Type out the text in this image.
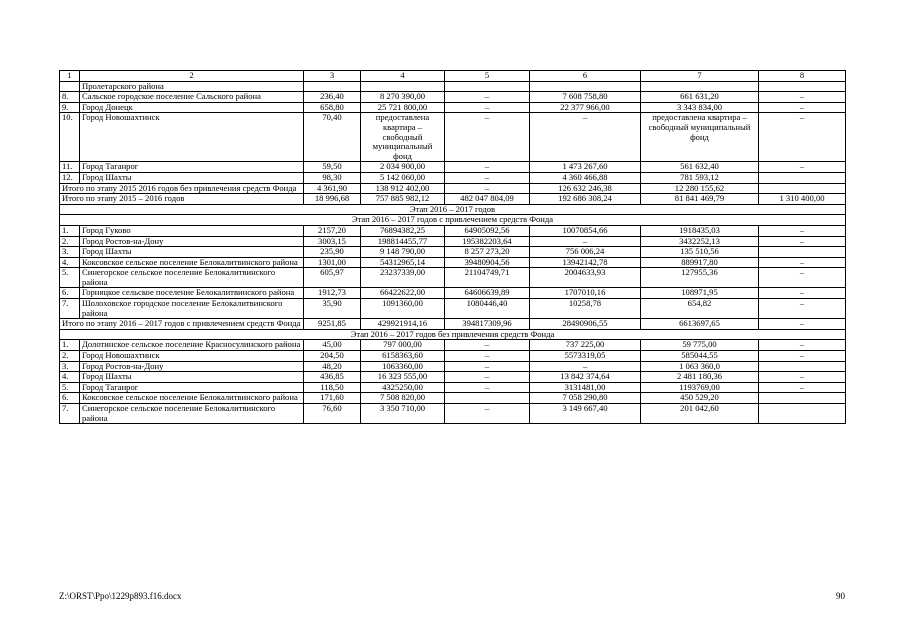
1	2	3	4	5	6	7	8
	Пролетарского района						
8.	Сальское городское поселение Сальского района	236,40	8 270 390,00	–	7 608 758,80	661 631,20	–
9.	Город Донецк	658,80	25 721 800,00	–	22 377 966,00	3 343 834,00	–
10.	Город Новошахтинск	70,40	предоставлена квартира – свободный муниципальный фонд	–	–	предоставлена квартира – свободный муниципальный фонд	–
11.	Город Таганрог	59,50	2 034 900,00	–	1 473 267,60	561 632,40	–
12.	Город Шахты	98,30	5 142 060,00	–	4 360 466,88	781 593,12	
Итого по этапу 2015 2016 годов без привлечения средств Фонда		4 361,90	138 912 402,00	–	126 632 246,38	12 280 155,62	
Итого по этапу 2015 – 2016 годов		18 996,68	757 885 982,12	482 047 804,09	192 686 308,24	81 841 469,79	1 310 400,00
Этап 2016 – 2017 годов							
Этап 2016 – 2017 годов с привлечением средств Фонда							
1.	Город Гуково	2157,20	76894382,25	64905092,56	10070854,66	1918435,03	–
2.	Город Ростов-на-Дону	3003,15	198814455,77	195382203,64	–	3432252,13	–
3.	Город Шахты	235,90	9 148 790,00	8 257 273,20	756 006,24	135 510,56	
4.	Коксовское сельское поселение Белокалитвинского района	1301,00	54312965,14	39480904,56	13942142,78	889917,80	–
5.	Синегорское сельское поселение Белокалитвинского района	605,97	23237339,00	21104749,71	2004633,93	127955,36	–
6.	Горняцкое сельское поселение Белокалитвинского района	1912,73	66422622,00	64606639,89	1707010,16	108971,95	–
7.	Шолоховское городское поселение Белокалитвинского района	35,90	1091360,00	1080446,40	10258,78	654,82	–
Итого по этапу 2016 – 2017 годов с привлечением средств Фонда		9251,85	429921914,16	394817309,96	28490906,55	6613697,65	–
Этап 2016 – 2017 годов без привлечения средств Фонда							
1.	Долотинское сельское поселение Красносулинского района	45,00	797 000,00	–	737 225,00	59 775,00	–
2.	Город Новошахтинск	204,50	6158363,60	–	5573319,05	585044,55	–
3.	Город Ростов-на-Дону	48,20	1063360,00	–	–	1 063 360,0	
4.	Город Шахты	436,85	16 323 555,00	–	13 842 374,64	2 481 180,36	–
5.	Город Таганрог	118,50	4325250,00	–	3131481,00	1193769,00	–
6.	Коксовское сельское поселение Белокалитвинского района	171,60	7 508 820,00		7 058 290,80	450 529,20	
7.	Синегорское сельское поселение Белокалитвинского района	76,60	3 350 710,00	–	3 149 667,40	201 042,60	
Z:\ORST\Ppo\1229p893.f16.docx	90
